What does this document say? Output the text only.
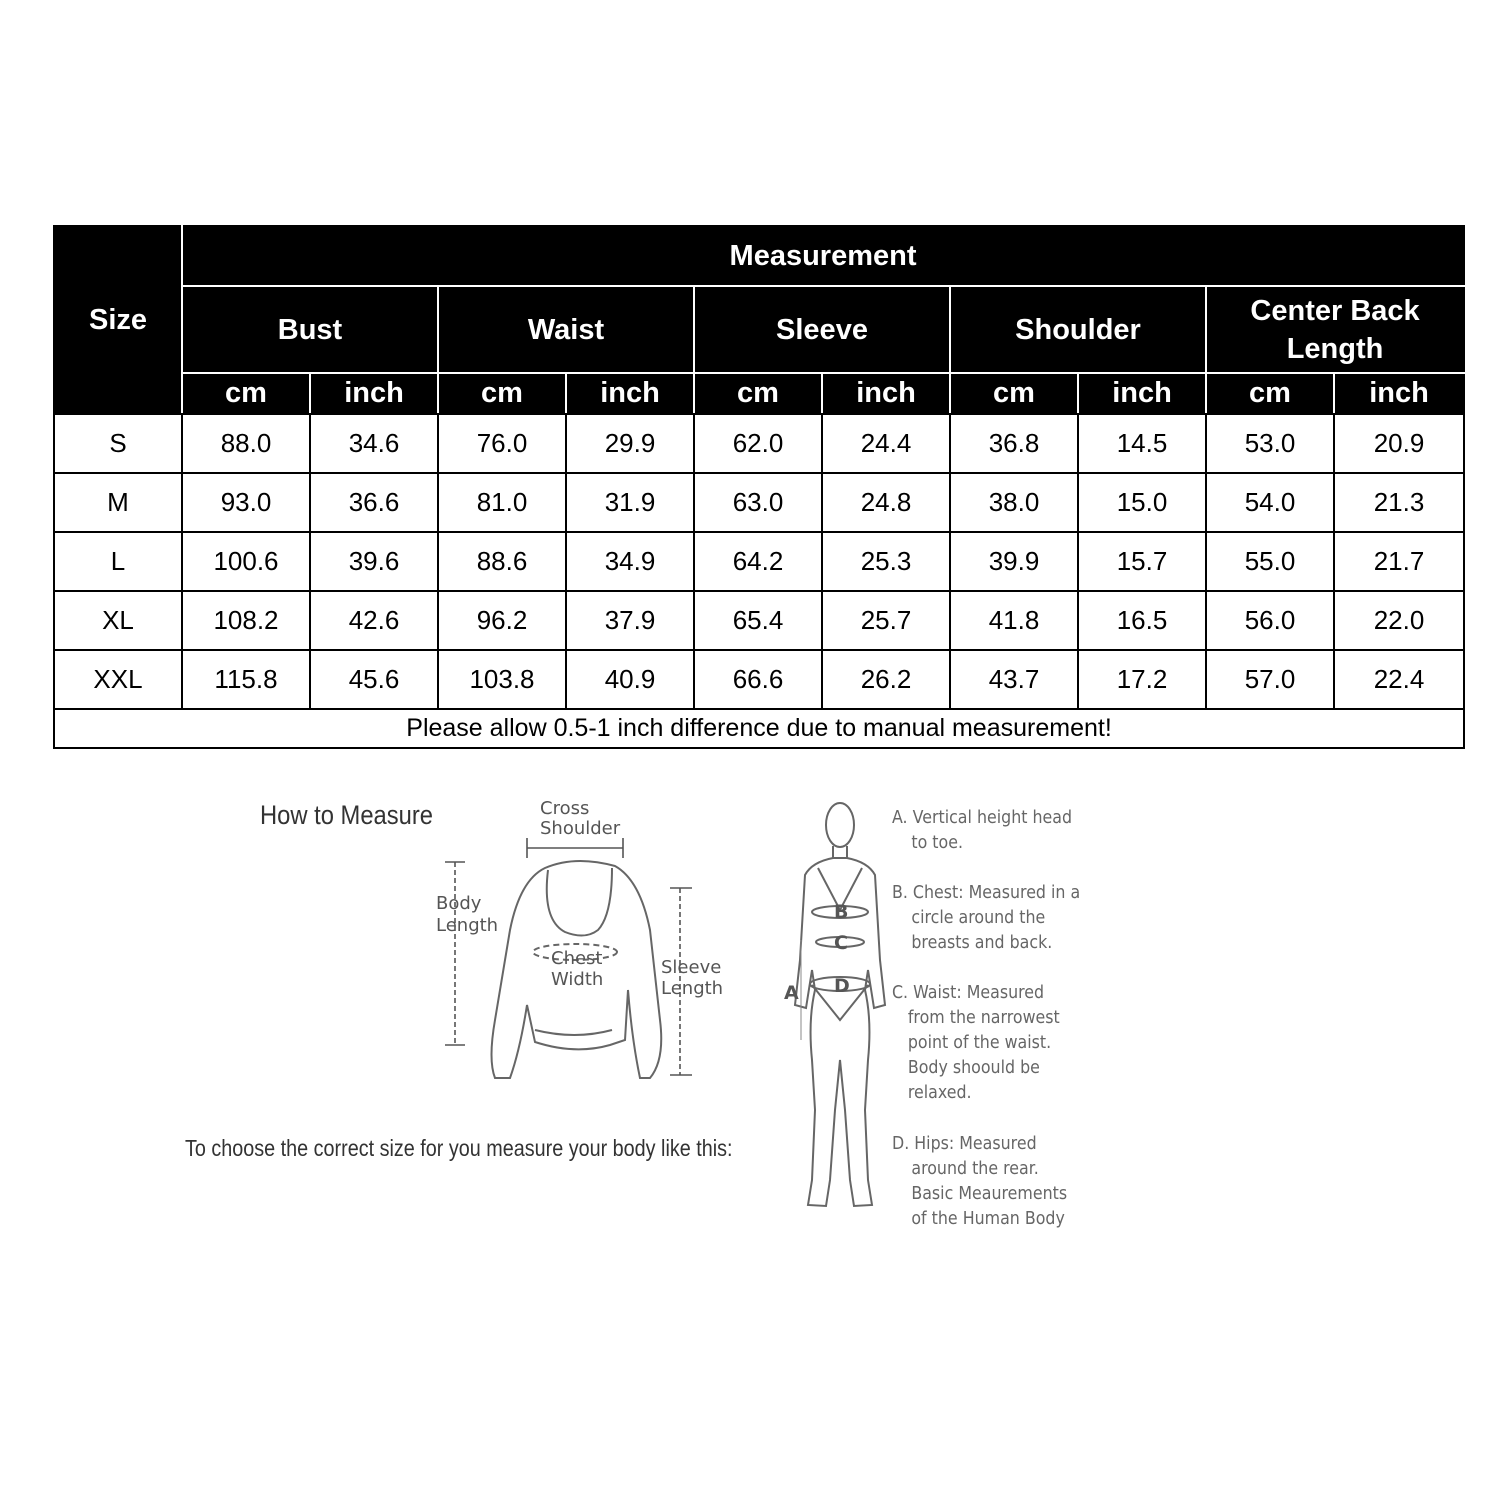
Size	Measurement									
	Bust		Waist		Sleeve		Shoulder		Center Back Length	
	cm	inch	cm	inch	cm	inch	cm	inch	cm	inch
S	88.0	34.6	76.0	29.9	62.0	24.4	36.8	14.5	53.0	20.9
M	93.0	36.6	81.0	31.9	63.0	24.8	38.0	15.0	54.0	21.3
L	100.6	39.6	88.6	34.9	64.2	25.3	39.9	15.7	55.0	21.7
XL	108.2	42.6	96.2	37.9	65.4	25.7	41.8	16.5	56.0	22.0
XXL	115.8	45.6	103.8	40.9	66.6	26.2	43.7	17.2	57.0	22.4
Please allow 0.5-1 inch difference due to manual measurement!										
How to Measure
To choose the correct size for you measure your body like this:
Cross
Shoulder
Body
Length
Chest
Width
Sleeve
Length
B
C
D
A
A. Vertical height head
to toe.
B. Chest: Measured in a
circle around the
breasts and back.
C. Waist: Measured
from the narrowest
point of the waist.
Body shoould be
relaxed.
D. Hips: Measured
around the rear.
Basic Meaurements
of the Human Body
